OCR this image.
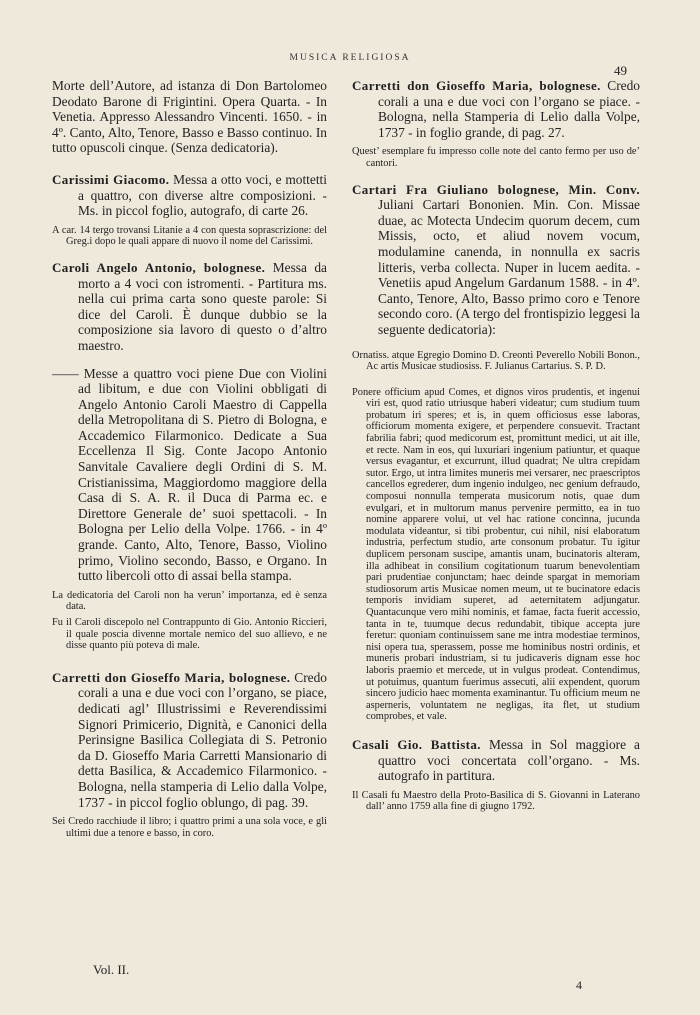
MUSICA RELIGIOSA
49
Morte dell’Autore, ad istanza di Don Bartolomeo Deodato Barone di Frigintini. Opera Quarta. - In Venetia. Appresso Alessandro Vincenti. 1650. - in 4º. Canto, Alto, Tenore, Basso e Basso continuo. In tutto opuscoli cinque. (Senza dedicatoria).
Carissimi Giacomo. Messa a otto voci, e mottetti a quattro, con diverse altre composizioni. - Ms. in piccol foglio, autografo, di carte 26.
A car. 14 tergo trovansi Litanie a 4 con questa soprascrizione: del Greg.i dopo le quali appare di nuovo il nome del Carissimi.
Caroli Angelo Antonio, bolognese. Messa da morto a 4 voci con istromenti. - Partitura ms. nella cui prima carta sono queste parole: Si dice del Caroli. È dunque dubbio se la composizione sia lavoro di questo o d’altro maestro.
—— Messe a quattro voci piene Due con Violini ad libitum, e due con Violini obbligati di Angelo Antonio Caroli Maestro di Cappella della Metropolitana di S. Pietro di Bologna, e Accademico Filarmonico. Dedicate a Sua Eccellenza Il Sig. Conte Jacopo Antonio Sanvitale Cavaliere degli Ordini di S. M. Cristianissima, Maggiordomo maggiore della Casa di S. A. R. il Duca di Parma ec. e Direttore Generale de’ suoi spettacoli. - In Bologna per Lelio della Volpe. 1766. - in 4º grande. Canto, Alto, Tenore, Basso, Violino primo, Violino secondo, Basso, e Organo. In tutto libercoli otto di assai bella stampa.
La dedicatoria del Caroli non ha verun’ importanza, ed è senza data.
Fu il Caroli discepolo nel Contrappunto di Gio. Antonio Riccieri, il quale poscia divenne mortale nemico del suo allievo, e ne disse quanto più poteva di male.
Carretti don Gioseffo Maria, bolognese. Credo corali a una e due voci con l’organo, se piace, dedicati agl’ Illustrissimi e Reverendissimi Signori Primicerio, Dignità, e Canonici della Perinsigne Basilica Collegiata di S. Petronio da D. Gioseffo Maria Carretti Mansionario di detta Basilica, & Accademico Filarmonico. - Bologna, nella stamperia di Lelio dalla Volpe, 1737 - in piccol foglio oblungo, di pag. 39.
Sei Credo racchiude il libro; i quattro primi a una sola voce, e gli ultimi due a tenore e basso, in coro.
Carretti don Gioseffo Maria, bolognese. Credo corali a una e due voci con l’organo se piace. - Bologna, nella Stamperia di Lelio dalla Volpe, 1737 - in foglio grande, di pag. 27.
Quest’ esemplare fu impresso colle note del canto fermo per uso de’ cantori.
Cartari Fra Giuliano bolognese, Min. Conv. Juliani Cartari Bononien. Min. Con. Missae duae, ac Motecta Undecim quorum decem, cum Missis, octo, et aliud novem vocum, modulamine canenda, in nonnulla ex sacris litteris, verba collecta. Nuper in lucem aedita. - Venetiis apud Angelum Gardanum 1588. - in 4º. Canto, Tenore, Alto, Basso primo coro e Tenore secondo coro. (A tergo del frontispizio leggesi la seguente dedicatoria):
Ornatiss. atque Egregio Domino D. Creonti Peverello Nobili Bonon., Ac artis Musicae studiosiss. F. Julianus Cartarius. S. P. D.
Ponere officium apud Comes, et dignos viros prudentis, et ingenui viri est, quod ratio utriusque haberi videatur; cum studium tuum probatum iri speres; et is, in quem officiosus esse laboras, officiorum momenta exigere, et perpendere consuevit. Tractant fabrilia fabri; quod medicorum est, promittunt medici, ut ait ille, et recte. Nam in eos, qui luxuriari ingenium patiuntur, et quaque versus evagantur, et excurrunt, illud quadrat; Ne ultra crepidam sutor. Ergo, ut intra limites muneris mei versarer, nec praescriptos cancellos egrederer, dum ingenio indulgeo, nec genium defraudo, composui nonnulla temperata musicorum notis, quae dum evulgari, et in multorum manus pervenire permitto, ea in tuo nomine apparere volui, ut vel hac ratione concinna, jucunda modulata videantur, si tibi probentur, cui nihil, nisi elaboratum industria, perfectum studio, arte consonum probatur. Tu igitur duplicem personam suscipe, amantis unam, bucinatoris alteram, illa adhibeat in consilium cogitationum tuarum benevolentiam pari prudentiae conjunctam; haec deinde spargat in memoriam studiosorum artis Musicae nomen meum, ut te bucinatore edacis temporis invidiam superet, ad aeternitatem adjungatur. Quantacunque vero mihi nominis, et famae, facta fuerit accessio, tanta in te, tuumque decus redundabit, tibique accepta jure feretur: quoniam continuissem sane me intra modestiae terminos, nisi opera tua, sperassem, posse me hominibus nostri ordinis, et muneris probari industriam, si tu judicaveris dignam esse hoc laboris praemio et mercede, ut in vulgus prodeat. Contendimus, ut potuimus, quantum fuerimus assecuti, alii expendent, quorum sincero judicio haec momenta examinantur. Tu officium meum ne asperneris, voluntatem ne negligas, ita flet, ut studium comprobes, et vale.
Casali Gio. Battista. Messa in Sol maggiore a quattro voci concertata coll’organo. - Ms. autografo in partitura.
Il Casali fu Maestro della Proto-Basilica di S. Giovanni in Laterano dall’ anno 1759 alla fine di giugno 1792.
Vol. II.
4
